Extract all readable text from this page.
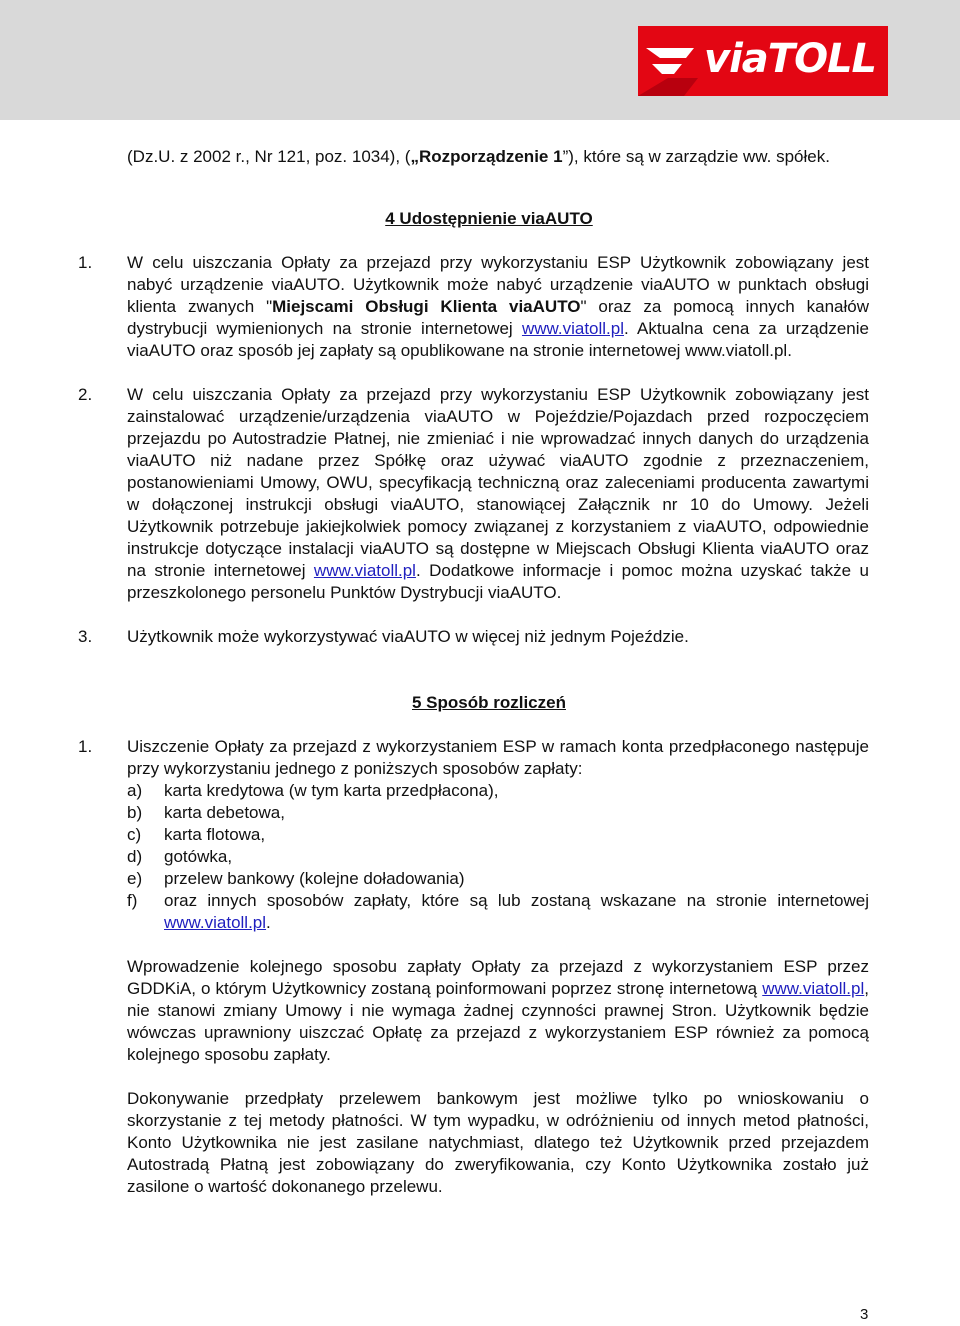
viaTOLL

(Dz.U. z 2002 r., Nr 121, poz. 1034), („Rozporządzenie 1”), które są w zarządzie ww. spółek.

4 Udostępnienie viaAUTO

1. W celu uiszczania Opłaty za przejazd przy wykorzystaniu ESP Użytkownik zobowiązany jest nabyć urządzenie viaAUTO. Użytkownik może nabyć urządzenie viaAUTO w punktach obsługi klienta zwanych "Miejscami Obsługi Klienta viaAUTO" oraz za pomocą innych kanałów dystrybucji wymienionych na stronie internetowej www.viatoll.pl. Aktualna cena za urządzenie viaAUTO oraz sposób jej zapłaty są opublikowane na stronie internetowej www.viatoll.pl.

2. W celu uiszczania Opłaty za przejazd przy wykorzystaniu ESP Użytkownik zobowiązany jest zainstalować urządzenie/urządzenia viaAUTO w Pojeździe/Pojazdach przed rozpoczęciem przejazdu po Autostradzie Płatnej, nie zmieniać i nie wprowadzać innych danych do urządzenia viaAUTO niż nadane przez Spółkę oraz używać viaAUTO zgodnie z przeznaczeniem, postanowieniami Umowy, OWU, specyfikacją techniczną oraz zaleceniami producenta zawartymi w dołączonej instrukcji obsługi viaAUTO, stanowiącej Załącznik nr 10 do Umowy. Jeżeli Użytkownik potrzebuje jakiejkolwiek pomocy związanej z korzystaniem z viaAUTO, odpowiednie instrukcje dotyczące instalacji viaAUTO są dostępne w Miejscach Obsługi Klienta viaAUTO oraz na stronie internetowej www.viatoll.pl. Dodatkowe informacje i pomoc można uzyskać także u przeszkolonego personelu Punktów Dystrybucji viaAUTO.

3. Użytkownik może wykorzystywać viaAUTO w więcej niż jednym Pojeździe.

5 Sposób rozliczeń

1. Uiszczenie Opłaty za przejazd z wykorzystaniem ESP w ramach konta przedpłaconego następuje przy wykorzystaniu jednego z poniższych sposobów zapłaty:

a) karta kredytowa (w tym karta przedpłacona),

b) karta debetowa,

c) karta flotowa,

d) gotówka,

e) przelew bankowy (kolejne doładowania)

f) oraz innych sposobów zapłaty, które są lub zostaną wskazane na stronie internetowej www.viatoll.pl.

Wprowadzenie kolejnego sposobu zapłaty Opłaty za przejazd z wykorzystaniem ESP przez GDDKiA, o którym Użytkownicy zostaną poinformowani poprzez stronę internetową www.viatoll.pl, nie stanowi zmiany Umowy i nie wymaga żadnej czynności prawnej Stron. Użytkownik będzie wówczas uprawniony uiszczać Opłatę za przejazd z wykorzystaniem ESP również za pomocą kolejnego sposobu zapłaty.

Dokonywanie przedpłaty przelewem bankowym jest możliwe tylko po wnioskowaniu o skorzystanie z tej metody płatności. W tym wypadku, w odróżnieniu od innych metod płatności, Konto Użytkownika nie jest zasilane natychmiast, dlatego też Użytkownik przed przejazdem Autostradą Płatną jest zobowiązany do zweryfikowania, czy Konto Użytkownika zostało już zasilone o wartość dokonanego przelewu.

3
